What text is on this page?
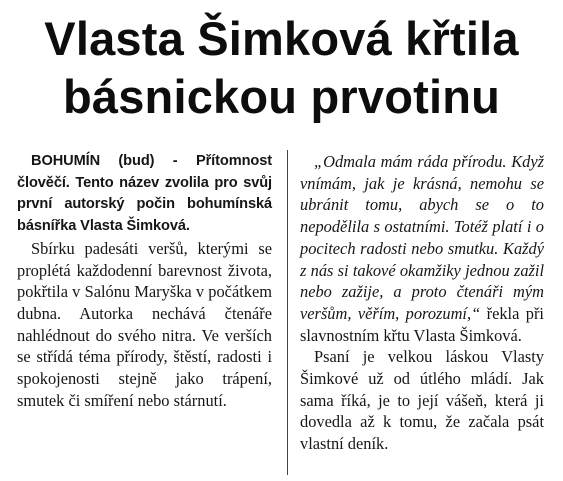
Vlasta Šimková křtila
básnickou prvotinu

BOHUMÍN (bud) - Přítomnost člověčí. Tento název zvolila pro svůj první autorský počin bohumínská básnířka Vlasta Šimková.

Sbírku padesáti veršů, kterými se proplétá každodenní barevnost života, pokřtila v Salónu Maryška v počátkem dubna. Autorka nechává čtenáře nahlédnout do svého nitra. Ve verších se střídá téma přírody, štěstí, radosti i spokojenosti stejně jako trápení, smutek či smíření nebo stárnutí.

„Odmala mám ráda přírodu. Když vnímám, jak je krásná, nemohu se ubránit tomu, abych se o to nepodělila s ostatními. Totéž platí i o pocitech radosti nebo smutku. Každý z nás si takové okamžiky jednou zažil nebo zažije, a proto čtenáři mým veršům, věřím, porozumí,“ řekla při slavnostním křtu Vlasta Šimková.

Psaní je velkou láskou Vlasty Šimkové už od útlého mládí. Jak sama říká, je to její vášeň, která ji dovedla až k tomu, že začala psát vlastní deník.
